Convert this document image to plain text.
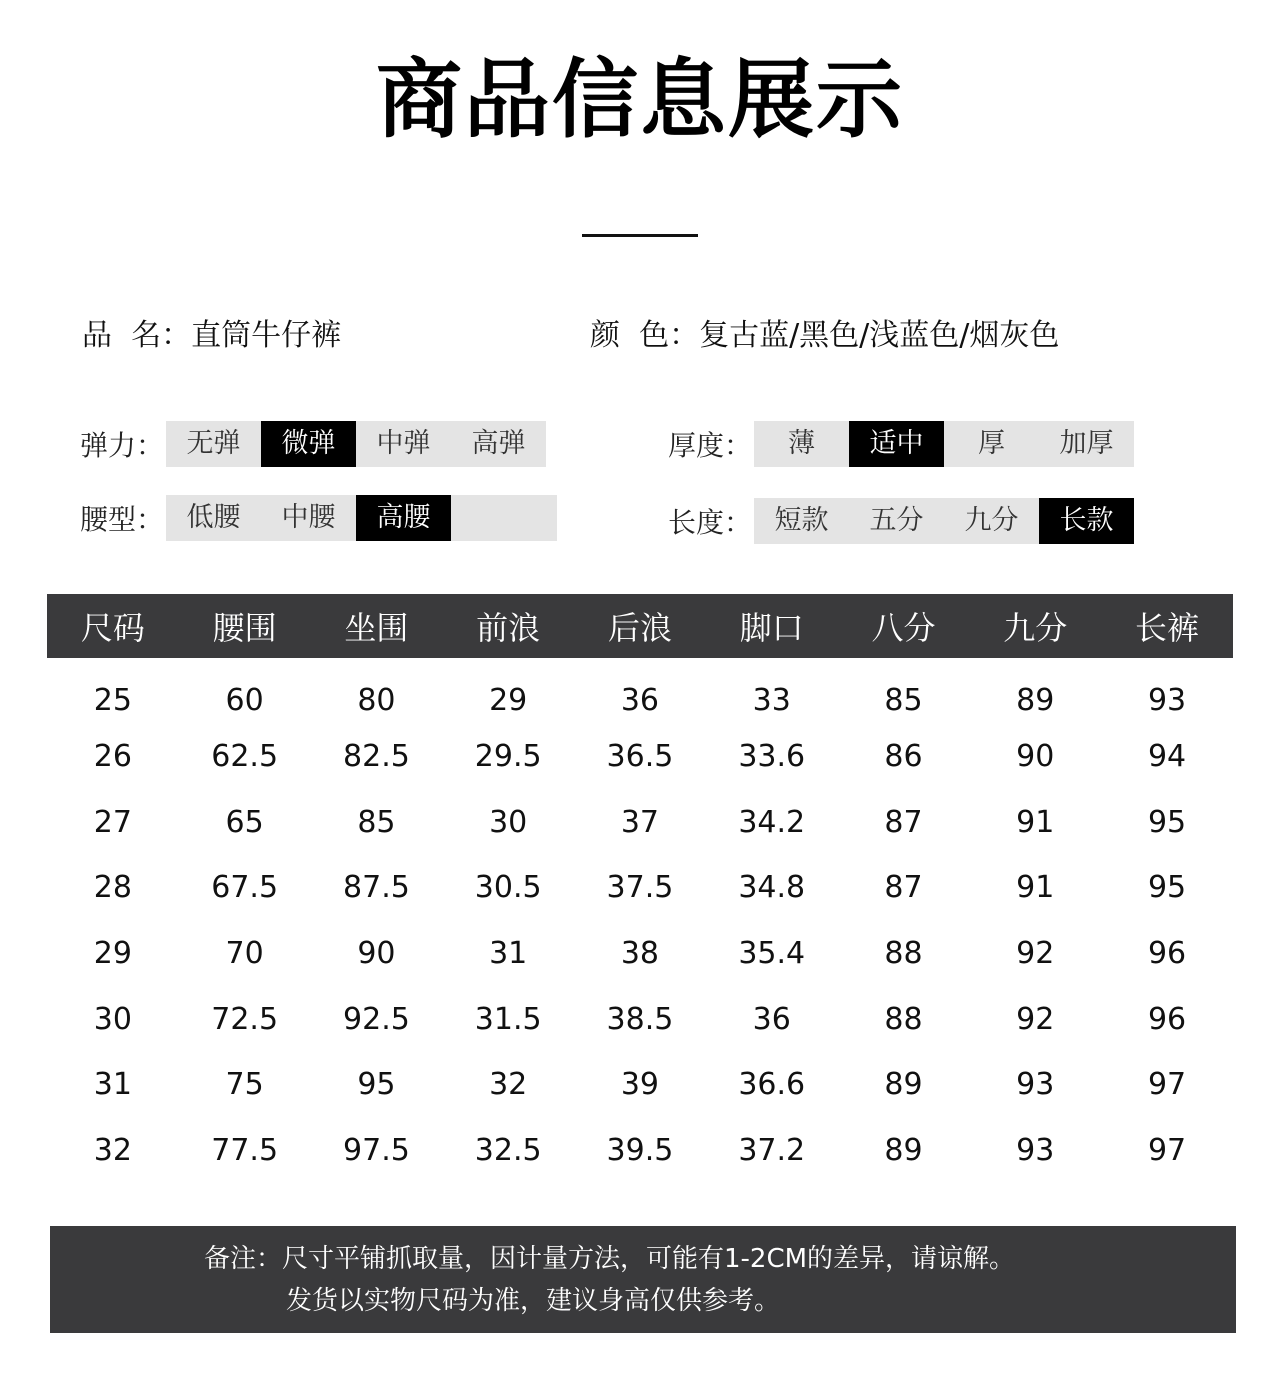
商品信息展示
品  名：直筒牛仔裤	颜  色：复古蓝/黑色/浅蓝色/烟灰色
弹力： 无弹	微弹	中弹	高弹	厚度：	薄	适中	厚	加厚
腰型： 低腰	中腰	高腰	长度： 短款	五分	九分	长款
尺码	腰围	坐围	前浪	后浪	脚口	八分	九分	长裤
25	60	80	29	36	33	85	89	93
26	62.5	82.5	29.5	36.5	33.6	86	90	94
27	65	85	30	37	34.2	87	91	95
28	67.5	87.5	30.5	37.5	34.8	87	91	95
29	70	90	31	38	35.4	88	92	96
30	72.5	92.5	31.5	38.5	36	88	92	96
31	75	95	32	39	36.6	89	93	97
32	77.5	97.5	32.5	39.5	37.2	89	93	97
备注：尺寸平铺抓取量，因计量方法，可能有1-2CM的差异，请谅解。
发货以实物尺码为准，建议身高仅供参考。
